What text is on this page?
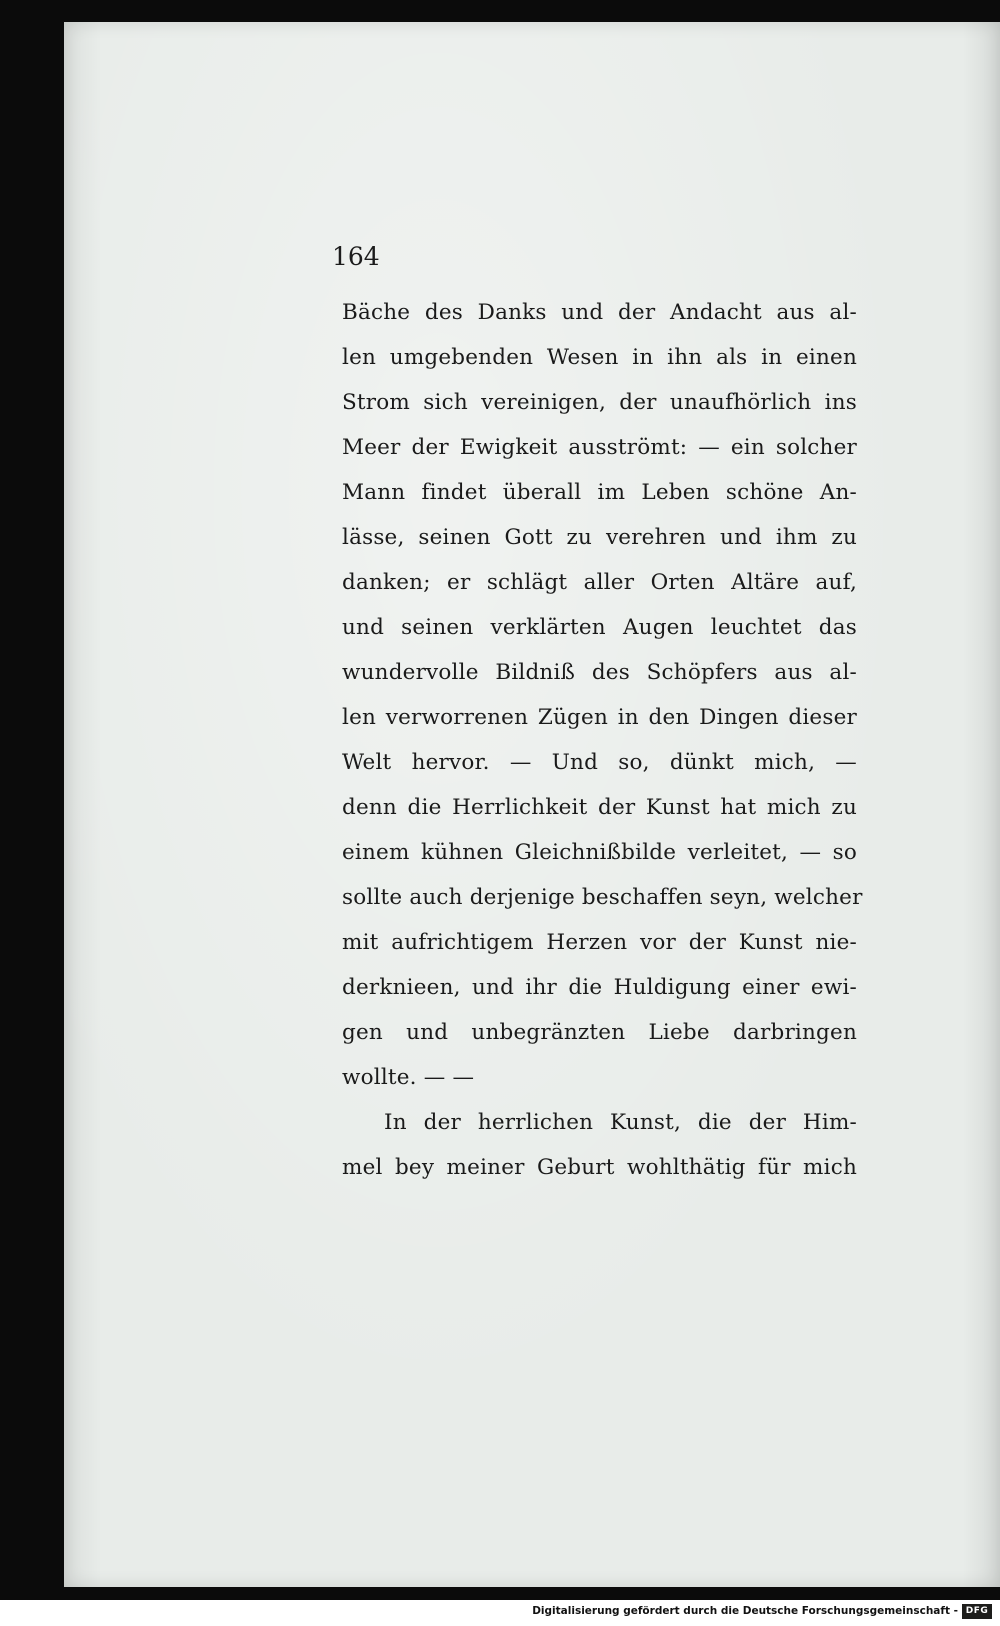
164
Bäche des Danks und der Andacht aus al-
len umgebenden Wesen in ihn als in einen
Strom sich vereinigen, der unaufhörlich ins
Meer der Ewigkeit ausströmt: — ein solcher
Mann findet überall im Leben schöne An-
lässe, seinen Gott zu verehren und ihm zu
danken; er schlägt aller Orten Altäre auf,
und seinen verklärten Augen leuchtet das
wundervolle Bildniß des Schöpfers aus al-
len verworrenen Zügen in den Dingen dieser
Welt hervor. — Und so, dünkt mich, —
denn die Herrlichkeit der Kunst hat mich zu
einem kühnen Gleichnißbilde verleitet, — so
sollte auch derjenige beschaffen seyn, welcher
mit aufrichtigem Herzen vor der Kunst nie-
derknieen, und ihr die Huldigung einer ewi-
gen und unbegränzten Liebe darbringen
wollte. — —
In der herrlichen Kunst, die der Him-
mel bey meiner Geburt wohlthätig für mich
Digitalisierung gefördert durch die Deutsche Forschungsgemeinschaft - DFG
